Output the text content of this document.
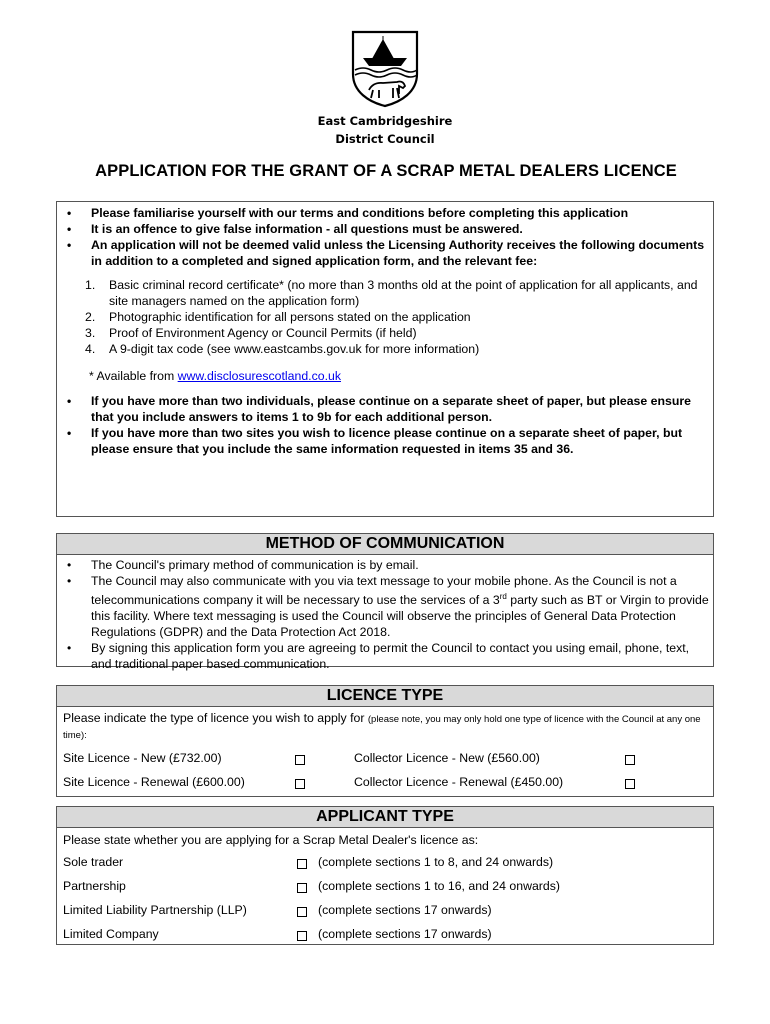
East Cambridgeshire
District Council
APPLICATION FOR THE GRANT OF A SCRAP METAL DEALERS LICENCE
• Please familiarise yourself with our terms and conditions before completing this application
• It is an offence to give false information - all questions must be answered.
• An application will not be deemed valid unless the Licensing Authority receives the following documents in addition to a completed and signed application form, and the relevant fee:
1. Basic criminal record certificate* (no more than 3 months old at the point of application for all applicants, and site managers named on the application form)
2. Photographic identification for all persons stated on the application
3. Proof of Environment Agency or Council Permits (if held)
4. A 9-digit tax code (see www.eastcambs.gov.uk for more information)
* Available from www.disclosurescotland.co.uk
• If you have more than two individuals, please continue on a separate sheet of paper, but please ensure that you include answers to items 1 to 9b for each additional person.
• If you have more than two sites you wish to licence please continue on a separate sheet of paper, but please ensure that you include the same information requested in items 35 and 36.
METHOD OF COMMUNICATION
• The Council's primary method of communication is by email.
• The Council may also communicate with you via text message to your mobile phone. As the Council is not a telecommunications company it will be necessary to use the services of a 3rd party such as BT or Virgin to provide this facility. Where text messaging is used the Council will observe the principles of General Data Protection Regulations (GDPR) and the Data Protection Act 2018.
• By signing this application form you are agreeing to permit the Council to contact you using email, phone, text, and traditional paper based communication.
LICENCE TYPE
Please indicate the type of licence you wish to apply for (please note, you may only hold one type of licence with the Council at any one time):
Site Licence - New (£732.00)	Collector Licence - New (£560.00)
Site Licence - Renewal (£600.00)	Collector Licence - Renewal (£450.00)
APPLICANT TYPE
Please state whether you are applying for a Scrap Metal Dealer's licence as:
Sole trader	(complete sections 1 to 8, and 24 onwards)
Partnership	(complete sections 1 to 16, and 24 onwards)
Limited Liability Partnership (LLP)	(complete sections 17 onwards)
Limited Company	(complete sections 17 onwards)
